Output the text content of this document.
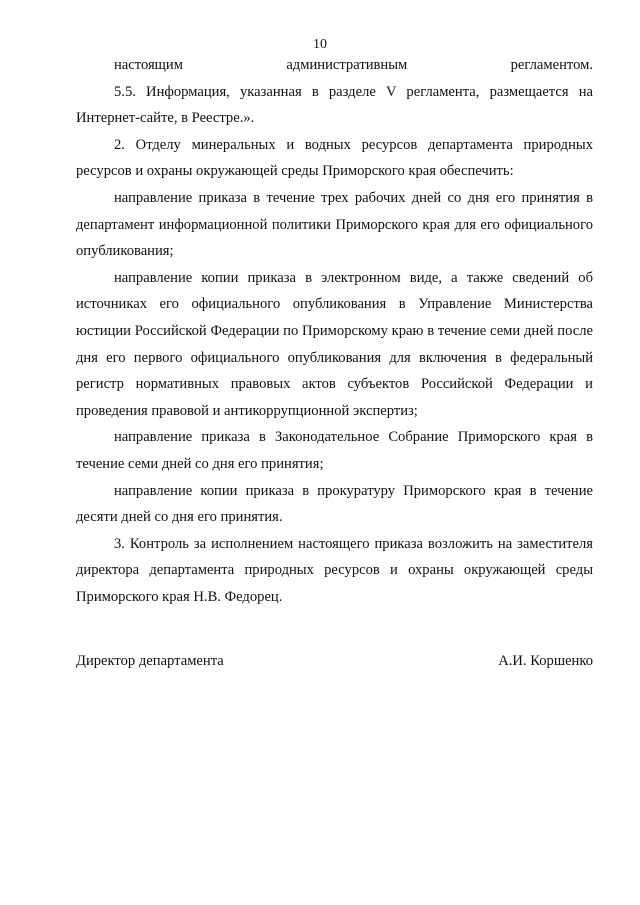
10

настоящим административным регламентом.

5.5. Информация, указанная в разделе V регламента, размещается на Интернет-сайте, в Реестре.».

2. Отделу минеральных и водных ресурсов департамента природных ресурсов и охраны окружающей среды Приморского края обеспечить:

направление приказа в течение трех рабочих дней со дня его принятия в департамент информационной политики Приморского края для его официального опубликования;

направление копии приказа в электронном виде, а также сведений об источниках его официального опубликования в Управление Министерства юстиции Российской Федерации по Приморскому краю в течение семи дней после дня его первого официального опубликования для включения в федеральный регистр нормативных правовых актов субъектов Российской Федерации и проведения правовой и антикоррупционной экспертиз;

направление приказа в Законодательное Собрание Приморского края в течение семи дней со дня его принятия;

направление копии приказа в прокуратуру Приморского края в течение десяти дней со дня его принятия.

3. Контроль за исполнением настоящего приказа возложить на заместителя директора департамента природных ресурсов и охраны окружающей среды Приморского края Н.В. Федорец.

Директор департамента	А.И. Коршенко
